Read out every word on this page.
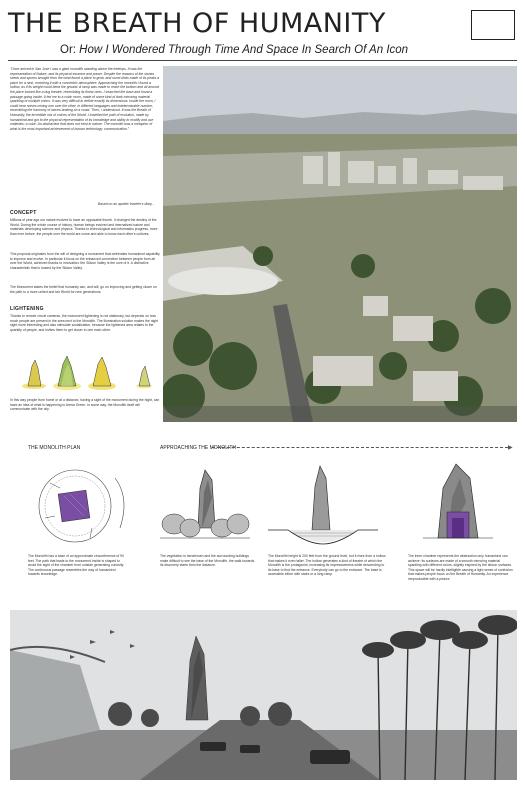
THE BREATH OF HUMANITY
Or: How I Wondered Through Time And Space In Search Of An Icon
"Once arrived in San Jose I saw a giant monolith standing above the treetops. It was the representation of Nature, and its physical essence and power. Despite the reasons of the stones seeds and spores brought from the wind found a place to grow, and some birds made of its peaks a place for a nest, enriching it with a concentric atmosphere. Approaching the monolith I found a hollow, as if its weight could bend the ground. A ramp was made to reach the bottom and all around the place looked like a dug theatre, resembling its finest ones. I searched the base and found a passage going inside. It led me to a cubic room, made of some kind of dark mirroring material sparkling of multiple colors. It was very difficult to define exactly its dimensions. Inside the room, I could hear noises mixing one over the other, in different languages and indeterminable number, resembling the harmony of waves braking on a coast. Then, I understood. It was the Breath of Humanity, the incredible mix of voices of the World. I travelled the path of evolution, made by humankind and got to the physical representation of its knowledge and ability to modify and use materials: a cube. An abstraction that does not exist in nature. The monolith was a metaphor of what is the most important achievement of human technology: communication."
Based on an apoteic traveler's diary...
CONCEPT
Millions of year ago our nature evolved to have an opposable thumb. It changed the destiny of the World. During the whole course of history, human beings evolved and internalized nature and materials developing science and physics. Thanks to technological and informatics progress, more than ever before, the people over the world are come and able to know each other's cultures.
This proposal originates from the will of designing a monument that celebrates humankind capability to improve and evolve. In particular it focus on the enhanced connection between people from all over the World, achieved thanks to innovation: the Silicon Valley is the core of it. A distinctive characteristic that is hosted by the Silicon Valley.
The Monument states the belief that humanity can, and will, go on improving and getting closer on the path to a more united and fair World for new generations.
LIGHTENING
Thanks to remote circuit cameras, the monument lightening is not stationary, but depends on how much people are present in the area next to the Monolith. The illumination solution makes the night sight more interesting and also stimulate socialization, because the lightened area relates to the quantity of people, and invites them to get closer to one each other.
In this way people from home or at a distance, having a sight of the monument during the night, can have an idea of what is happening in Arena Green. In some way, the Monolith itself will communicate with the city.
THE MONOLITH PLAN	APPROACHING THE MONOLITH	▶
The Monolith has a base of an approximate circumference of 90 feet. The path that leads to the monument inside is shaped to avoid the sight of the chamber from outside generating curiosity. The continuous passage resembles the way of humankind towards knowledge.
The vegetation is hendrinsen and the surrounding buildings make difficult to see the base of the Monolith, the walk towards its discovery starts from the distance.
The Monolith height is 200 feet from the ground level, but it rises from a hollow that makes it even taller. The hollow generates a kind of theatre of which the Monolith is the protagonist, increasing its impressiveness while descending to its base to find the entrance. Everybody can go to the entrance. The base is accessible either with stairs or a long ramp.
The inner chamber represents the abstraction only humankind can achieve: its surfaces are made of a smooth mirroring material sparkling with different colors, slightly inspired by the silicon surfaces. This space will be hardly intelligible causing a light sense of confusion that makes people focus on the Breath of Humanity. An experience irreproducible with a picture.
